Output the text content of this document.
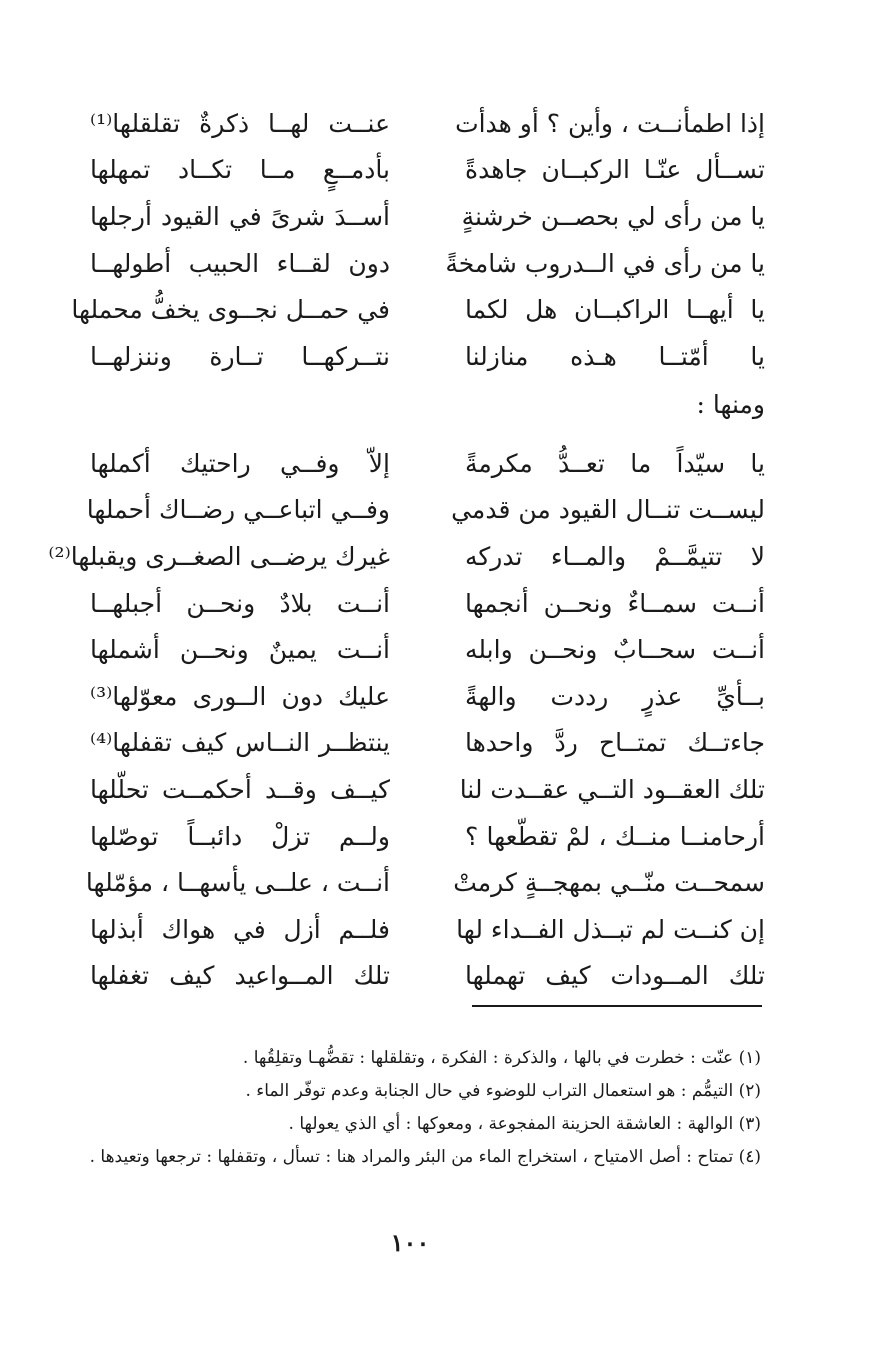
إذا اطمأنــت ، وأين ؟ أو هدأت
عنــت لهــا ذكرةٌ تقلقلها⁽¹⁾
تســأل عنّـا الركبــان جاهدةً
بأدمــعٍ مــا تكــاد تمهلها
يا من رأى لي بحصــن خرشنةٍ
أســدَ شرىً في القيود أرجلها
يا من رأى في الــدروب شامخةً
دون لقــاء الحبيب أطولهــا
يا أيهــا الراكبــان هل لكما
في حمــل نجــوى يخفُّ محملها
يا أمّتــا هـذه منازلنا
نتــركهــا تــارة وننزلهــا
ومنها :
يا سيّداً ما تعــدُّ مكرمةً
إلاّ وفــي راحتيك أكملها
ليســت تنــال القيود من قدمي
وفــي اتباعــي رضــاك أحملها
لا تتيمَّــمْ والمــاء تدركه
غيرك يرضــى الصغــرى ويقبلها⁽²⁾
أنــت سمــاءٌ ونحــن أنجمها
أنــت بلادٌ ونحــن أجبلهــا
أنــت سحــابٌ ونحــن وابله
أنــت يمينٌ ونحــن أشملها
بــأيِّ عذرٍ رددت والهةً
عليك دون الــورى معوّلها⁽³⁾
جاءتــك تمتــاح ردَّ واحدها
ينتظــر النــاس كيف تقفلها⁽⁴⁾
تلك العقــود التــي عقــدت لنا
كيــف وقــد أحكمــت تحلّلها
أرحامنــا منــك ، لمْ تقطّعها ؟
ولــم تزلْ دائبــاً توصّلها
سمحــت منّــي بمهجــةٍ كرمتْ
أنــت ، علــى يأسهــا ، مؤمّلها
إن كنــت لم تبــذل الفــداء لها
فلــم أزل في هواك أبذلها
تلك المــودات كيف تهملها
تلك المــواعيد كيف تغفلها
(١) عنّت : خطرت في بالها ، والذكرة : الفكرة ، وتقلقلها : تقضُّهـا وتقلِقُها .
(٢) التيمُّم : هو استعمال التراب للوضوء في حال الجنابة وعدم توفّر الماء .
(٣) الوالهة : العاشقة الحزينة المفجوعة ، ومعوكها : أي الذي يعولها .
(٤) تمتاح : أصل الامتياح ، استخراج الماء من البئر والمراد هنا : تسأل ، وتقفلها : ترجعها وتعيدها .
١٠٠
